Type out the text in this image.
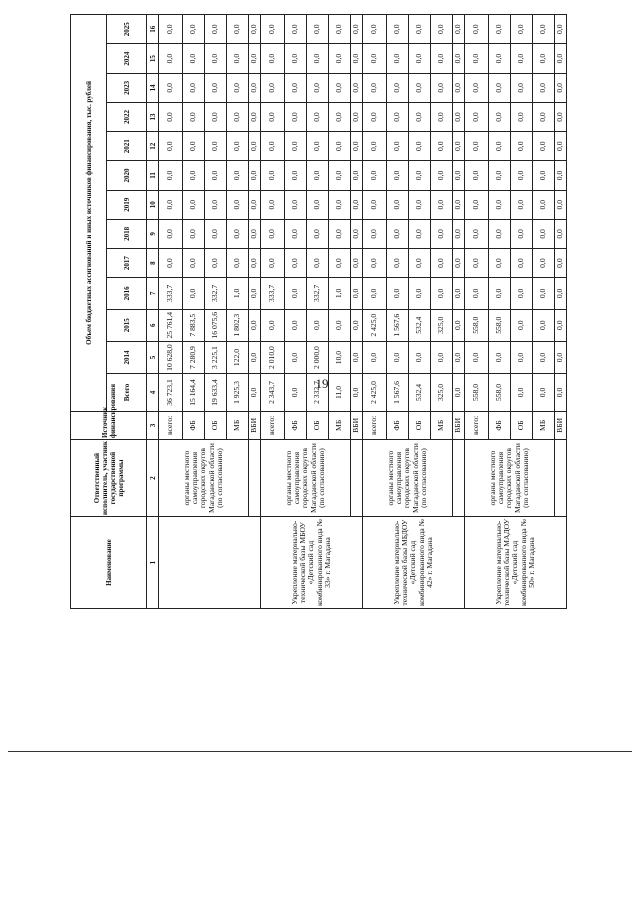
19
Наименование	Ответственный исполнитель, участник государственной программы	Источник финансирования	Объем бюджетных ассигнований и иных источников финансирования, тыс. рублей												
			Всего	2014	2015	2016	2017	2018	2019	2020	2021	2022	2023	2024	2025
1	2	3	4	5	6	7	8	9	10	11	12	13	14	15	16
	органы местного самоуправления городских округов Магаданской области (по согласованию)	всего:	36 723,1	10 628,0	25 761,4	333,7	0,0	0,0	0,0	0,0	0,0	0,0	0,0	0,0	0,0
		ФБ	15 164,4	7 280,9	7 883,5	0,0	0,0	0,0	0,0	0,0	0,0	0,0	0,0	0,0	0,0
		ОБ	19 633,4	3 225,1	16 075,6	332,7	0,0	0,0	0,0	0,0	0,0	0,0	0,0	0,0	0,0
		МБ	1 925,3	122,0	1 802,3	1,0	0,0	0,0	0,0	0,0	0,0	0,0	0,0	0,0	0,0
		ВБИ	0,0	0,0	0,0	0,0	0,0	0,0	0,0	0,0	0,0	0,0	0,0	0,0	0,0
Укрепление материально-технической базы МБОУ «Детский сад комбинированного вида № 33» г. Магадана	органы местного самоуправления городских округов Магаданской области (по согласованию)	всего:	2 343,7	2 010,0	0,0	333,7	0,0	0,0	0,0	0,0	0,0	0,0	0,0	0,0	0,0
		ФБ	0,0	0,0	0,0	0,0	0,0	0,0	0,0	0,0	0,0	0,0	0,0	0,0	0,0
		ОБ	2 332,7	2 000,0	0,0	332,7	0,0	0,0	0,0	0,0	0,0	0,0	0,0	0,0	0,0
		МБ	11,0	10,0	0,0	1,0	0,0	0,0	0,0	0,0	0,0	0,0	0,0	0,0	0,0
		ВБИ	0,0	0,0	0,0	0,0	0,0	0,0	0,0	0,0	0,0	0,0	0,0	0,0	0,0
Укрепление материально-технической базы МБДОУ «Детский сад комбинированного вида № 42» г. Магадана	органы местного самоуправления городских округов Магаданской области (по согласованию)	всего:	2 425,0	0,0	2 425,0	0,0	0,0	0,0	0,0	0,0	0,0	0,0	0,0	0,0	0,0
		ФБ	1 567,6	0,0	1 567,6	0,0	0,0	0,0	0,0	0,0	0,0	0,0	0,0	0,0	0,0
		ОБ	532,4	0,0	532,4	0,0	0,0	0,0	0,0	0,0	0,0	0,0	0,0	0,0	0,0
		МБ	325,0	0,0	325,0	0,0	0,0	0,0	0,0	0,0	0,0	0,0	0,0	0,0	0,0
		ВБИ	0,0	0,0	0,0	0,0	0,0	0,0	0,0	0,0	0,0	0,0	0,0	0,0	0,0
Укрепление материально-технической базы МАДОУ «Детский сад комбинированного вида № 50» г. Магадана	органы местного самоуправления городских округов Магаданской области (по согласованию)	всего:	558,0	0,0	558,0	0,0	0,0	0,0	0,0	0,0	0,0	0,0	0,0	0,0	0,0
		ФБ	558,0	0,0	558,0	0,0	0,0	0,0	0,0	0,0	0,0	0,0	0,0	0,0	0,0
		ОБ	0,0	0,0	0,0	0,0	0,0	0,0	0,0	0,0	0,0	0,0	0,0	0,0	0,0
		МБ	0,0	0,0	0,0	0,0	0,0	0,0	0,0	0,0	0,0	0,0	0,0	0,0	0,0
		ВБИ	0,0	0,0	0,0	0,0	0,0	0,0	0,0	0,0	0,0	0,0	0,0	0,0	0,0
